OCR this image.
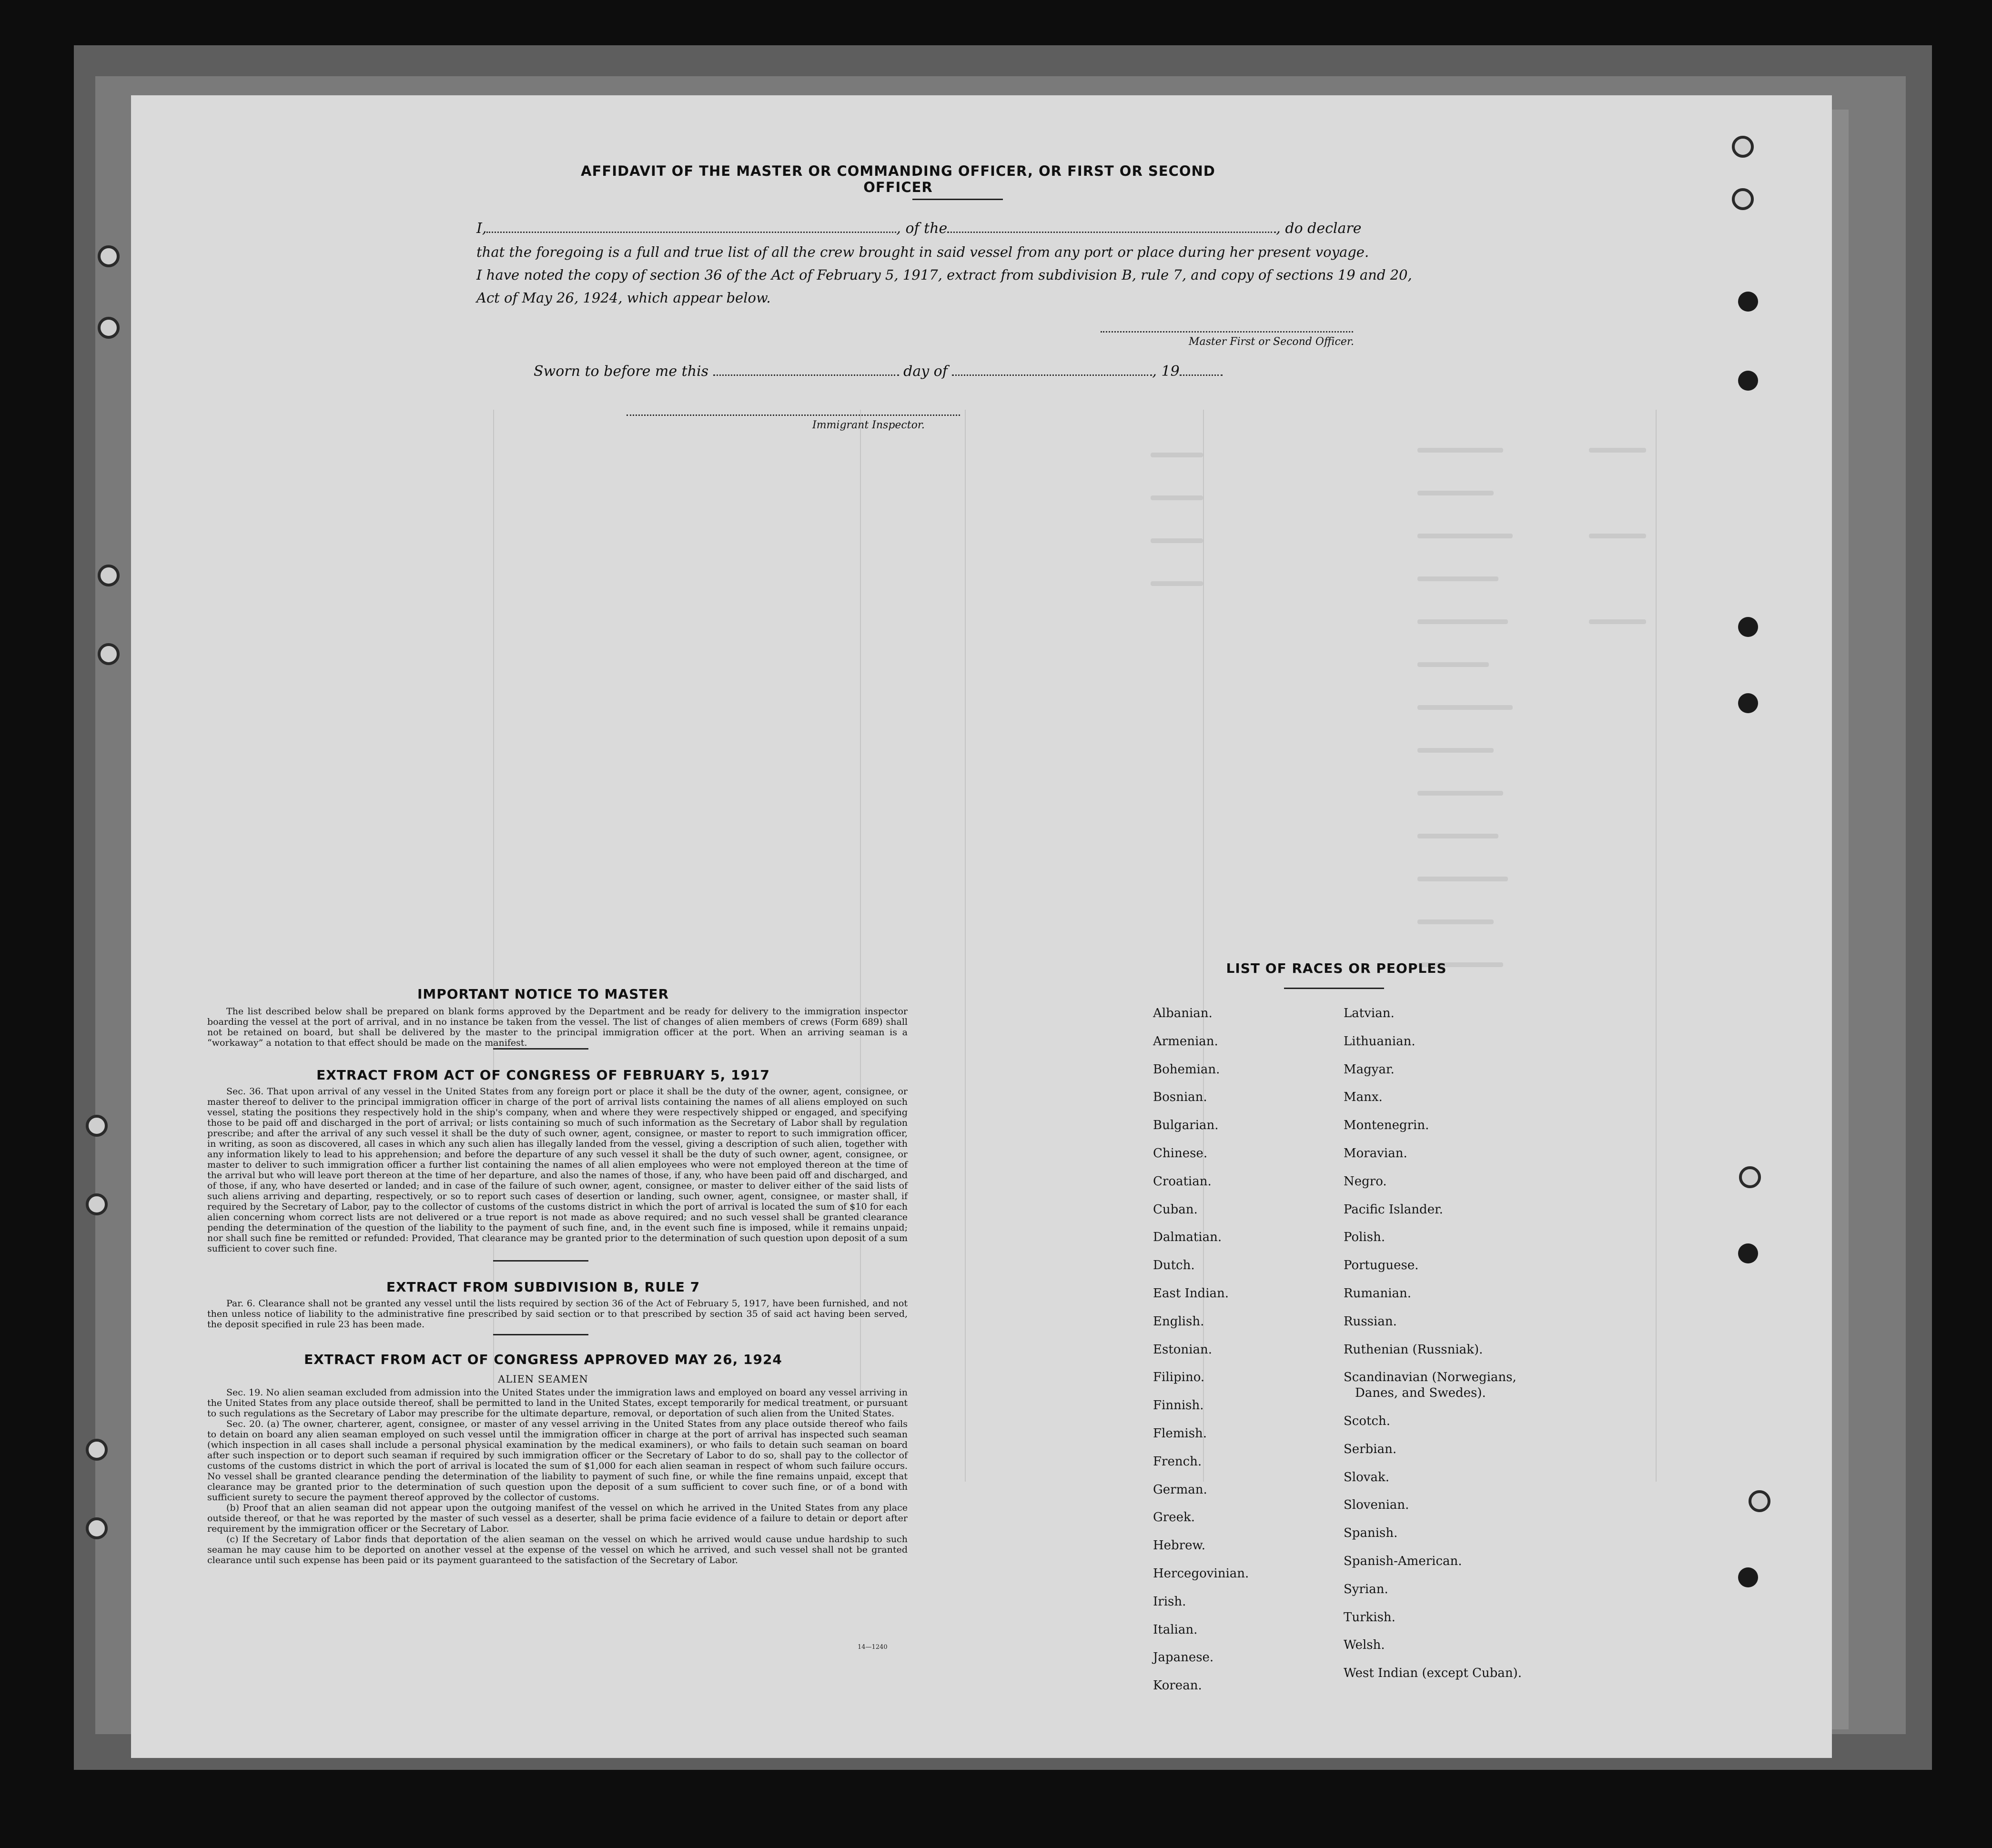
AFFIDAVIT OF THE MASTER OR COMMANDING OFFICER, OR FIRST OR SECOND OFFICER
I,	, of the	, do declare
that the foregoing is a full and true list of all the crew brought in said vessel from any port or place during her present voyage.
I have noted the copy of section 36 of the Act of February 5, 1917, extract from subdivision B, rule 7, and copy of sections 19 and 20,
Act of May 26, 1924, which appear below.
Master First or Second Officer.
Sworn to before me this	day of	, 19
Immigrant Inspector.
IMPORTANT NOTICE TO MASTER

The list described below shall be prepared on blank forms approved by the Department and be ready for delivery to the immigration inspector boarding the vessel at the port of arrival, and in no instance be taken from the vessel. The list of changes of alien members of crews (Form 689) shall not be retained on board, but shall be delivered by the master to the principal immigration officer at the port. When an arriving seaman is a “workaway” a notation to that effect should be made on the manifest.

EXTRACT FROM ACT OF CONGRESS OF FEBRUARY 5, 1917

Sec. 36. That upon arrival of any vessel in the United States from any foreign port or place it shall be the duty of the owner, agent, consignee, or master thereof to deliver to the principal immigration officer in charge of the port of arrival lists containing the names of all aliens employed on such vessel, stating the positions they respectively hold in the ship's company, when and where they were respectively shipped or engaged, and specifying those to be paid off and discharged in the port of arrival; or lists containing so much of such information as the Secretary of Labor shall by regulation prescribe; and after the arrival of any such vessel it shall be the duty of such owner, agent, consignee, or master to report to such immigration officer, in writing, as soon as discovered, all cases in which any such alien has illegally landed from the vessel, giving a description of such alien, together with any information likely to lead to his apprehension; and before the departure of any such vessel it shall be the duty of such owner, agent, consignee, or master to deliver to such immigration officer a further list containing the names of all alien employees who were not employed thereon at the time of the arrival but who will leave port thereon at the time of her departure, and also the names of those, if any, who have been paid off and discharged, and of those, if any, who have deserted or landed; and in case of the failure of such owner, agent, consignee, or master to deliver either of the said lists of such aliens arriving and departing, respectively, or so to report such cases of desertion or landing, such owner, agent, consignee, or master shall, if required by the Secretary of Labor, pay to the collector of customs of the customs district in which the port of arrival is located the sum of $10 for each alien concerning whom correct lists are not delivered or a true report is not made as above required; and no such vessel shall be granted clearance pending the determination of the question of the liability to the payment of such fine, and, in the event such fine is imposed, while it remains unpaid; nor shall such fine be remitted or refunded: Provided, That clearance may be granted prior to the determination of such question upon deposit of a sum sufficient to cover such fine.

EXTRACT FROM SUBDIVISION B, RULE 7

Par. 6. Clearance shall not be granted any vessel until the lists required by section 36 of the Act of February 5, 1917, have been furnished, and not then unless notice of liability to the administrative fine prescribed by said section or to that prescribed by section 35 of said act having been served, the deposit specified in rule 23 has been made.

EXTRACT FROM ACT OF CONGRESS APPROVED MAY 26, 1924
ALIEN SEAMEN

Sec. 19. No alien seaman excluded from admission into the United States under the immigration laws and employed on board any vessel arriving in the United States from any place outside thereof, shall be permitted to land in the United States, except temporarily for medical treatment, or pursuant to such regulations as the Secretary of Labor may prescribe for the ultimate departure, removal, or deportation of such alien from the United States.

Sec. 20. (a) The owner, charterer, agent, consignee, or master of any vessel arriving in the United States from any place outside thereof who fails to detain on board any alien seaman employed on such vessel until the immigration officer in charge at the port of arrival has inspected such seaman (which inspection in all cases shall include a personal physical examination by the medical examiners), or who fails to detain such seaman on board after such inspection or to deport such seaman if required by such immigration officer or the Secretary of Labor to do so, shall pay to the collector of customs of the customs district in which the port of arrival is located the sum of $1,000 for each alien seaman in respect of whom such failure occurs. No vessel shall be granted clearance pending the determination of the liability to payment of such fine, or while the fine remains unpaid, except that clearance may be granted prior to the determination of such question upon the deposit of a sum sufficient to cover such fine, or of a bond with sufficient surety to secure the payment thereof approved by the collector of customs.

(b) Proof that an alien seaman did not appear upon the outgoing manifest of the vessel on which he arrived in the United States from any place outside thereof, or that he was reported by the master of such vessel as a deserter, shall be prima facie evidence of a failure to detain or deport after requirement by the immigration officer or the Secretary of Labor.

(c) If the Secretary of Labor finds that deportation of the alien seaman on the vessel on which he arrived would cause undue hardship to such seaman he may cause him to be deported on another vessel at the expense of the vessel on which he arrived, and such vessel shall not be granted clearance until such expense has been paid or its payment guaranteed to the satisfaction of the Secretary of Labor.

14—1240
LIST OF RACES OR PEOPLES
Albanian.
Armenian.
Bohemian.
Bosnian.
Bulgarian.
Chinese.
Croatian.
Cuban.
Dalmatian.
Dutch.
East Indian.
English.
Estonian.
Filipino.
Finnish.
Flemish.
French.
German.
Greek.
Hebrew.
Hercegovinian.
Irish.
Italian.
Japanese.
Korean.
Latvian.
Lithuanian.
Magyar.
Manx.
Montenegrin.
Moravian.
Negro.
Pacific Islander.
Polish.
Portuguese.
Rumanian.
Russian.
Ruthenian (Russniak).
Scandinavian (Norwegians,
Danes, and Swedes).
Scotch.
Serbian.
Slovak.
Slovenian.
Spanish.
Spanish-American.
Syrian.
Turkish.
Welsh.
West Indian (except Cuban).
